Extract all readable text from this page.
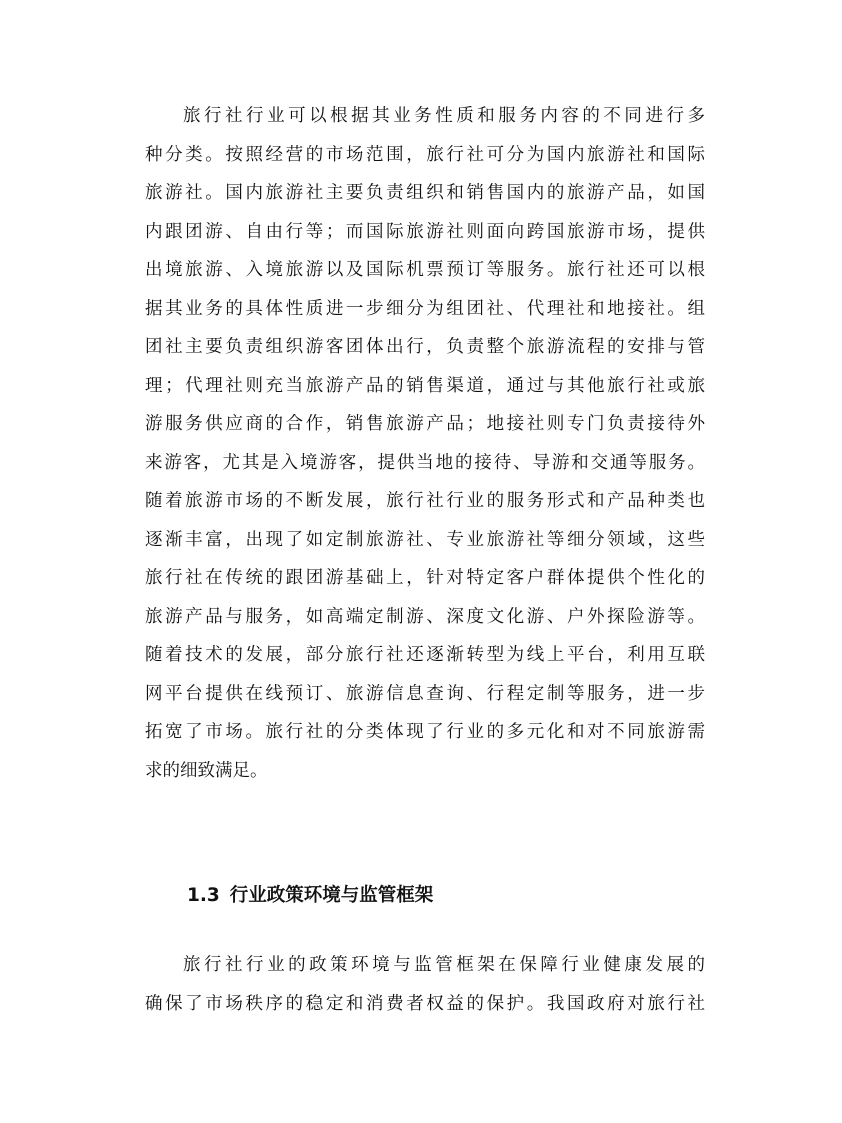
旅行社行业可以根据其业务性质和服务内容的不同进行多
种分类。按照经营的市场范围，旅行社可分为国内旅游社和国际
旅游社。国内旅游社主要负责组织和销售国内的旅游产品，如国
内跟团游、自由行等；而国际旅游社则面向跨国旅游市场，提供
出境旅游、入境旅游以及国际机票预订等服务。旅行社还可以根
据其业务的具体性质进一步细分为组团社、代理社和地接社。组
团社主要负责组织游客团体出行，负责整个旅游流程的安排与管
理；代理社则充当旅游产品的销售渠道，通过与其他旅行社或旅
游服务供应商的合作，销售旅游产品；地接社则专门负责接待外
来游客，尤其是入境游客，提供当地的接待、导游和交通等服务。
随着旅游市场的不断发展，旅行社行业的服务形式和产品种类也
逐渐丰富，出现了如定制旅游社、专业旅游社等细分领域，这些
旅行社在传统的跟团游基础上，针对特定客户群体提供个性化的
旅游产品与服务，如高端定制游、深度文化游、户外探险游等。
随着技术的发展，部分旅行社还逐渐转型为线上平台，利用互联
网平台提供在线预订、旅游信息查询、行程定制等服务，进一步
拓宽了市场。旅行社的分类体现了行业的多元化和对不同旅游需
求的细致满足。
1.3 行业政策环境与监管框架
旅行社行业的政策环境与监管框架在保障行业健康发展的
确保了市场秩序的稳定和消费者权益的保护。我国政府对旅行社
